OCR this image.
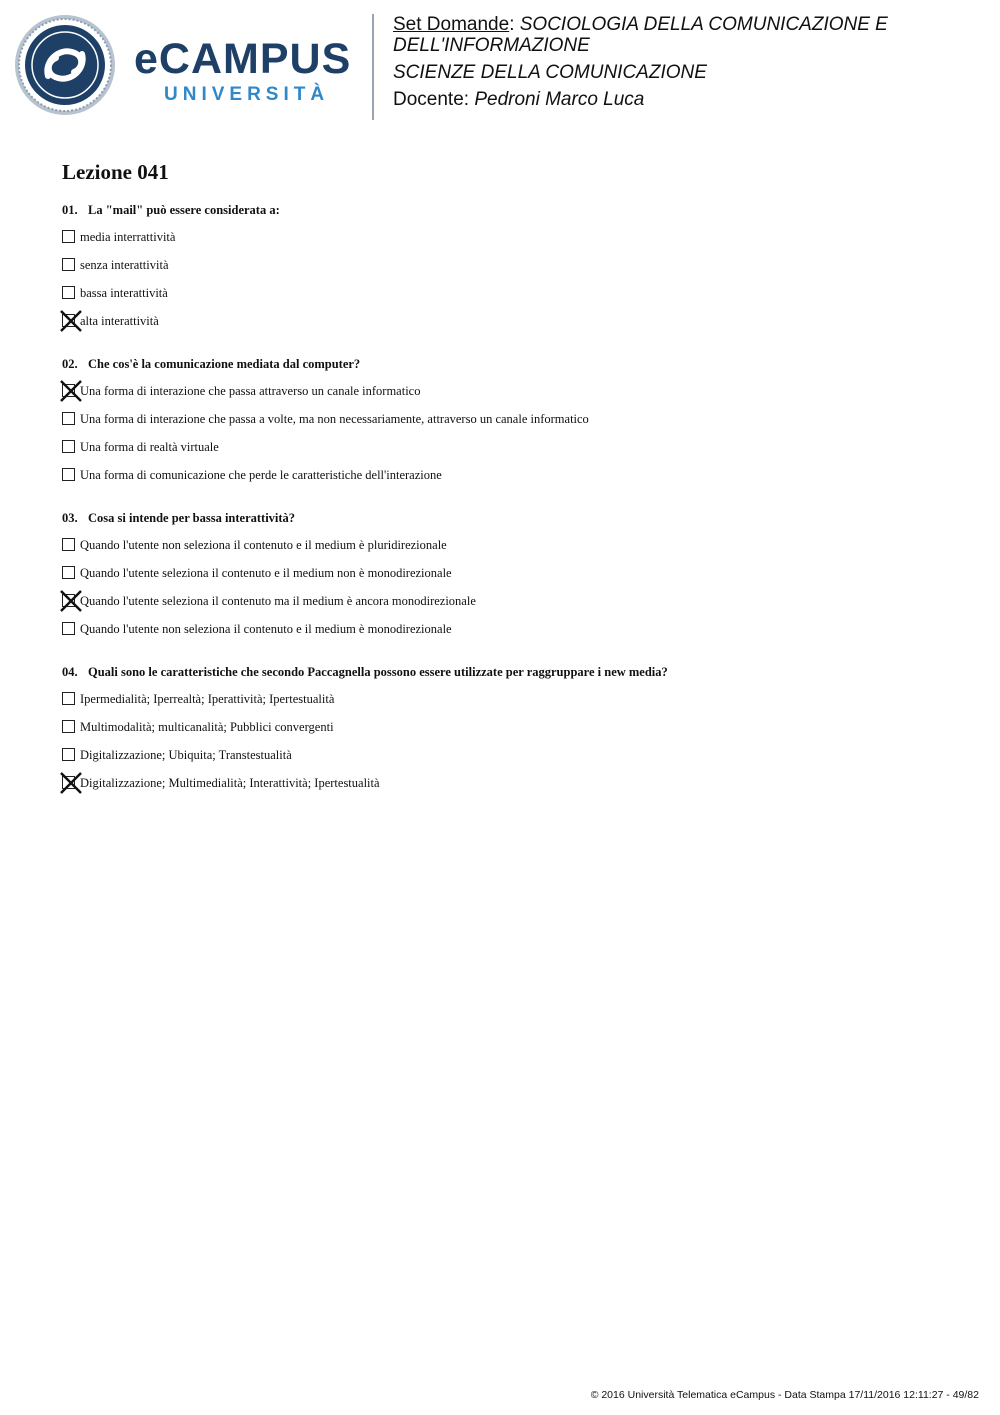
eCAMPUS
UNIVERSITÀ
Set Domande: SOCIOLOGIA DELLA COMUNICAZIONE E DELL'INFORMAZIONE
SCIENZE DELLA COMUNICAZIONE
Docente: Pedroni Marco Luca
Lezione 041
01. La "mail" può essere considerata a:
media interrattività
senza interattività
bassa interattività
alta interattività
02. Che cos'è la comunicazione mediata dal computer?
Una forma di interazione che passa attraverso un canale informatico
Una forma di interazione che passa a volte, ma non necessariamente, attraverso un canale informatico
Una forma di realtà virtuale
Una forma di comunicazione che perde le caratteristiche dell'interazione
03. Cosa si intende per bassa interattività?
Quando l'utente non seleziona il contenuto e il medium è pluridirezionale
Quando l'utente seleziona il contenuto e il medium non è monodirezionale
Quando l'utente seleziona il contenuto ma il medium è ancora monodirezionale
Quando l'utente non seleziona il contenuto e il medium è monodirezionale
04. Quali sono le caratteristiche che secondo Paccagnella possono essere utilizzate per raggruppare i new media?
Ipermedialità; Iperrealtà; Iperattività; Ipertestualità
Multimodalità; multicanalità; Pubblici convergenti
Digitalizzazione; Ubiquita; Transtestualità
Digitalizzazione; Multimedialità; Interattività; Ipertestualità
© 2016 Università Telematica eCampus - Data Stampa 17/11/2016 12:11:27 - 49/82
